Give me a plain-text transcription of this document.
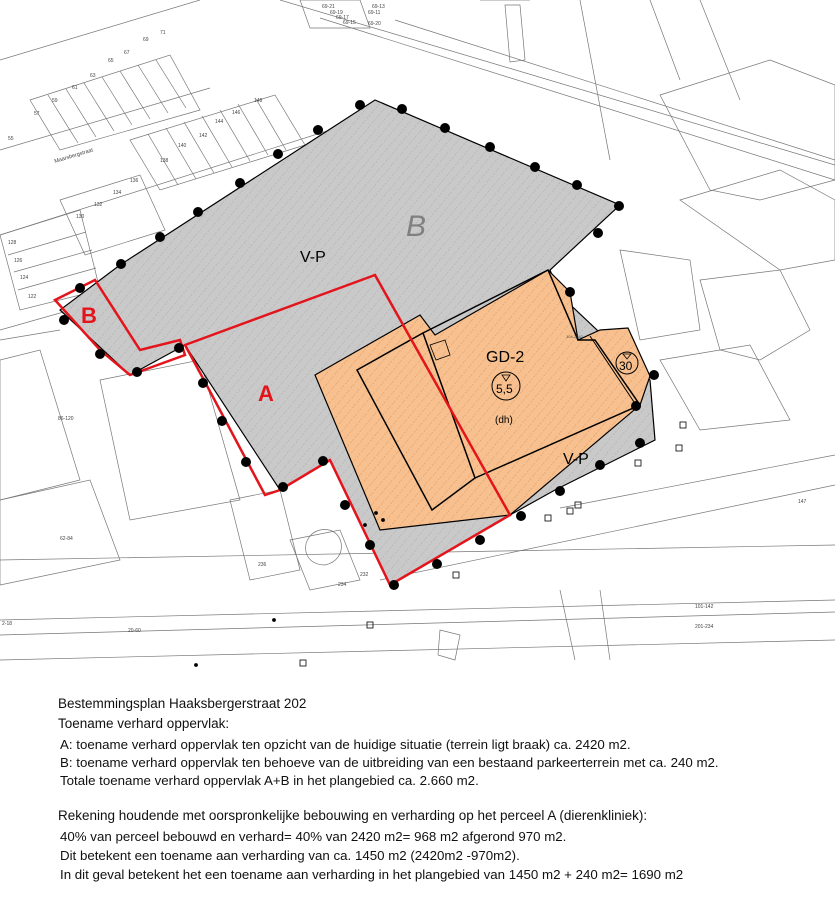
69-21
69-19
69-17
69-15
69-13
69-11
69-20
71
69
67
65
63
61
59
57
55
148
146
144
142
140
138
136
134
132
130
128
126
124
122
86-120
62-84
236
234
232
2-18
20-60
147
101-142
201-234
Maarsbergstraat
B
V-P
B
A
GD-2
104-2542
V-P
5,5
(dh)
30
Bestemmingsplan Haaksbergerstraat 202
Toename verhard oppervlak:
A: toename verhard oppervlak ten opzicht van de huidige situatie (terrein ligt braak) ca. 2420 m2.
B: toename verhard oppervlak ten behoeve van de uitbreiding van een bestaand parkeerterrein met ca. 240 m2.
Totale toename verhard oppervlak A+B in het plangebied ca. 2.660 m2.
Rekening houdende met oorspronkelijke bebouwing en verharding op het perceel A (dierenkliniek):
40% van perceel bebouwd en verhard= 40% van 2420 m2= 968 m2 afgerond 970 m2.
Dit betekent een toename aan verharding van ca. 1450 m2 (2420m2 -970m2).
In dit geval betekent het een toename aan verharding in het plangebied van 1450 m2 + 240 m2= 1690 m2
